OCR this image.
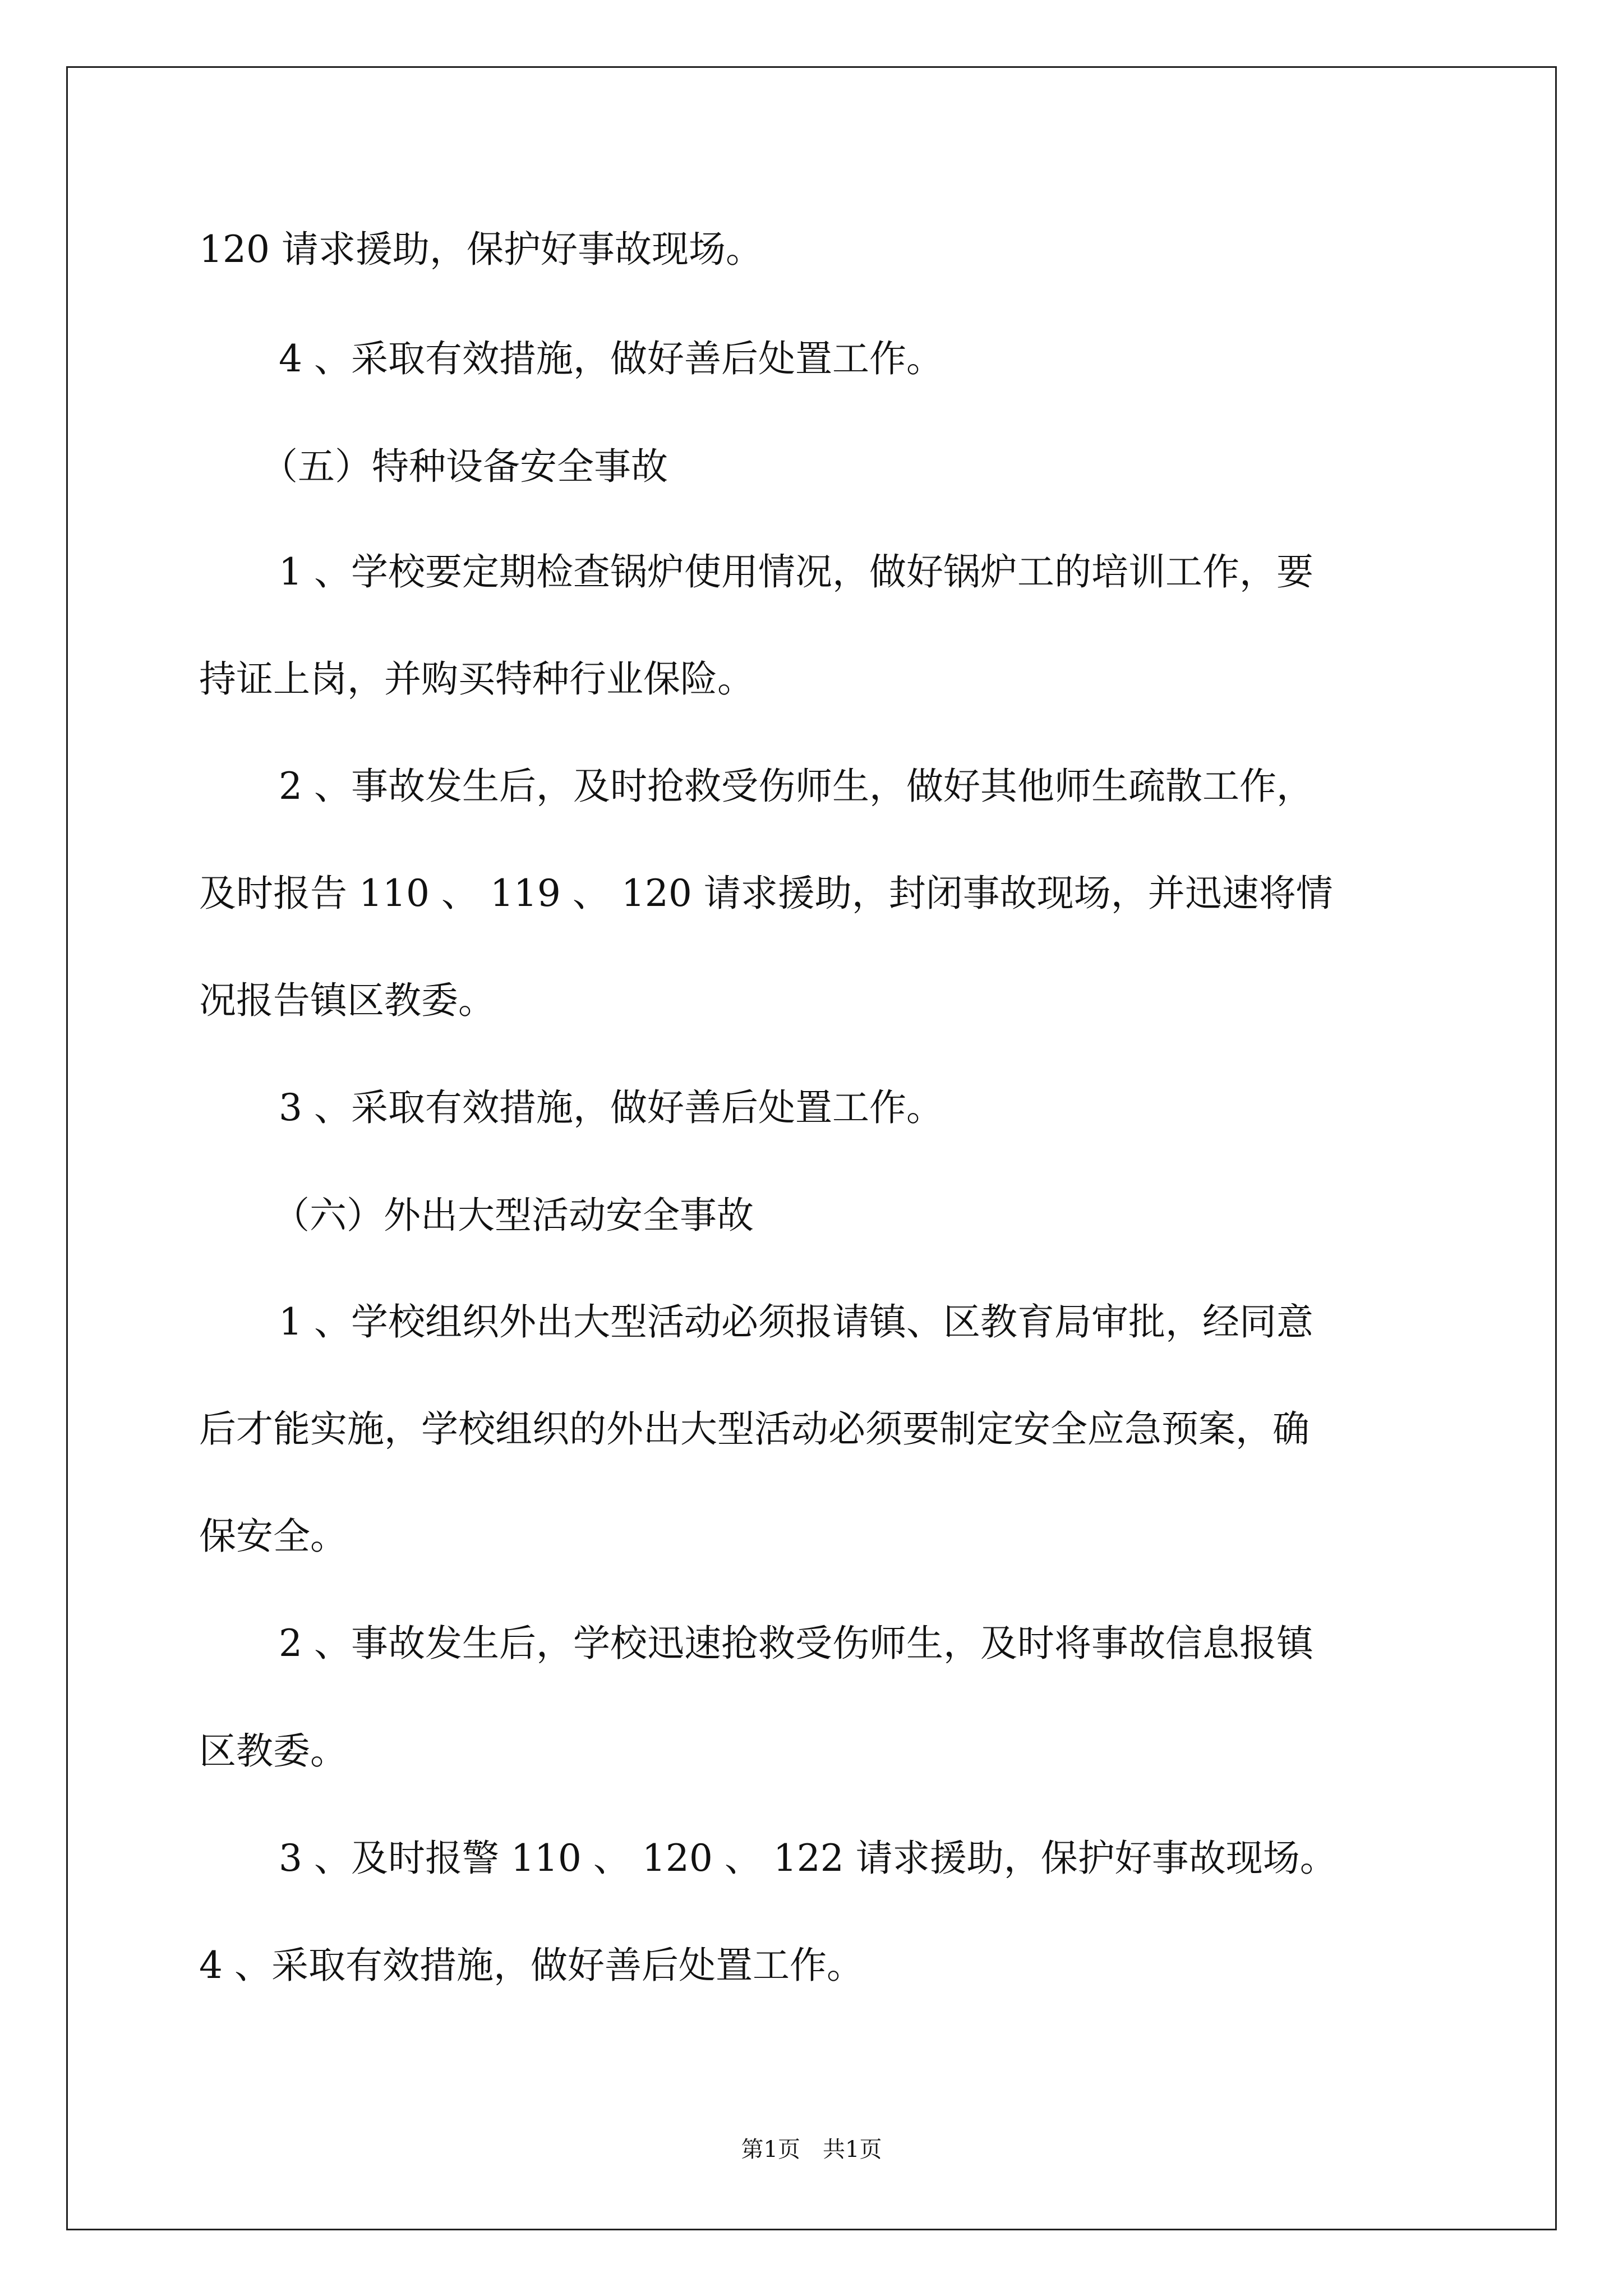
120 请求援助，保护好事故现场。
4 、采取有效措施，做好善后处置工作。
（五）特种设备安全事故
1 、学校要定期检查锅炉使用情况，做好锅炉工的培训工作，要
持证上岗，并购买特种行业保险。
2 、事故发生后，及时抢救受伤师生，做好其他师生疏散工作，
及时报告 110 、 119 、 120 请求援助，封闭事故现场，并迅速将情
况报告镇区教委。
3 、采取有效措施，做好善后处置工作。
（六）外出大型活动安全事故
1 、学校组织外出大型活动必须报请镇、区教育局审批，经同意
后才能实施，学校组织的外出大型活动必须要制定安全应急预案，确
保安全。
2 、事故发生后，学校迅速抢救受伤师生，及时将事故信息报镇
区教委。
3 、及时报警 110 、 120 、 122 请求援助，保护好事故现场。
4 、采取有效措施，做好善后处置工作。
第1页　共1页
